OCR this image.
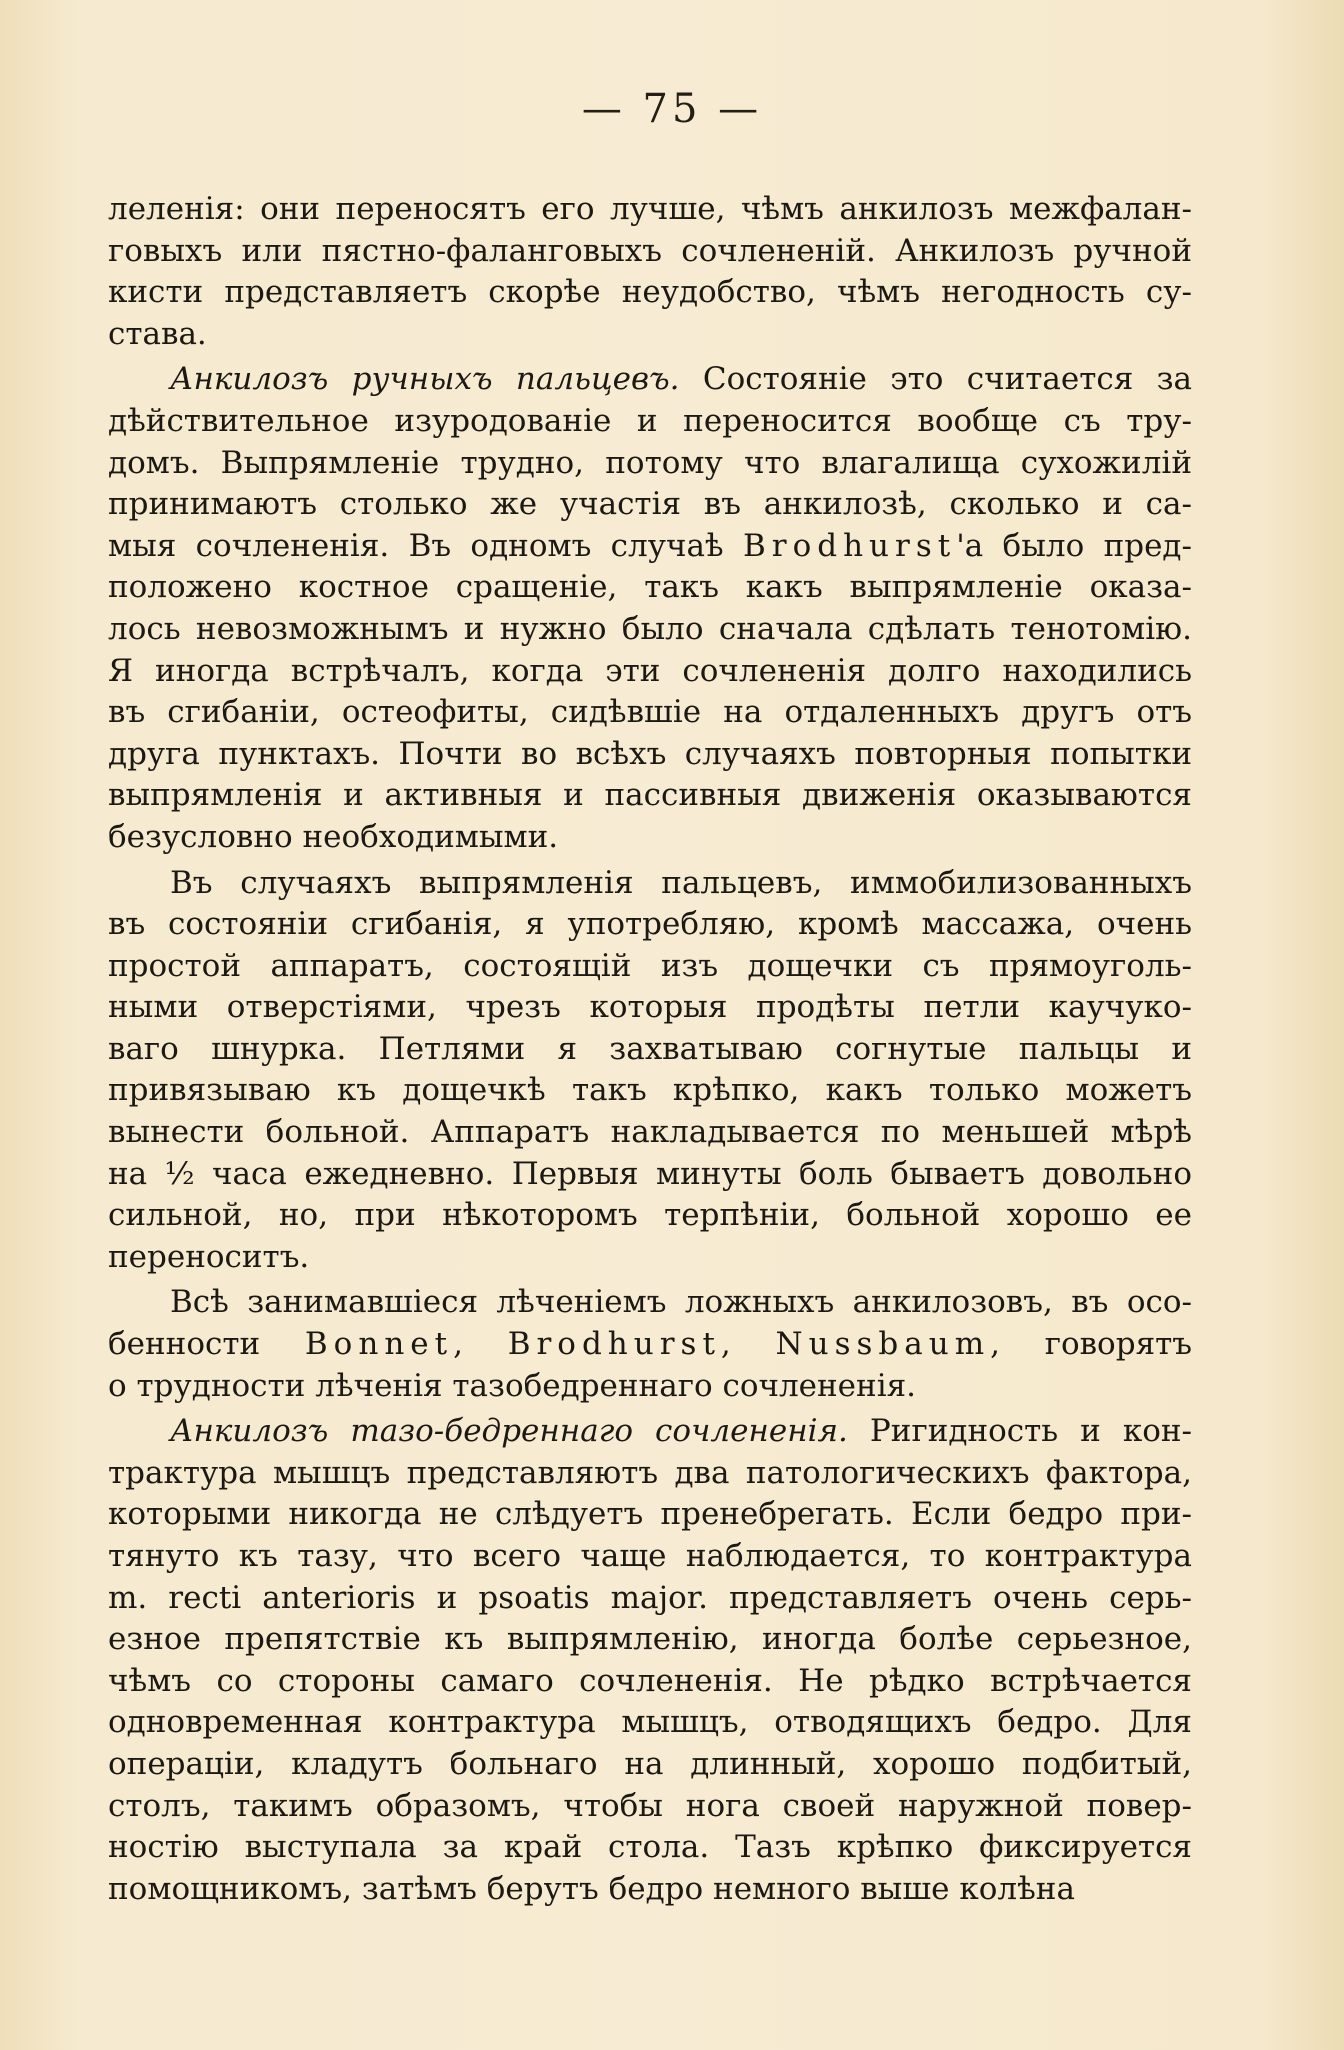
— 75 —
леленія: они переносятъ его лучше, чѣмъ анкилозъ межфалан-
говыхъ или пястно-фаланговыхъ сочлененій. Анкилозъ ручной
кисти представляетъ скорѣе неудобство, чѣмъ негодность су-
става.
Анкилозъ ручныхъ пальцевъ. Состояніе это считается за
дѣйствительное изуродованіе и переносится вообще съ тру-
домъ. Выпрямленіе трудно, потому что влагалища сухожилій
принимаютъ столько же участія въ анкилозѣ, сколько и са-
мыя сочлененія. Въ одномъ случаѣ Brodhurst'а было пред-
положено костное сращеніе, такъ какъ выпрямленіе оказа-
лось невозможнымъ и нужно было сначала сдѣлать тенотомію.
Я иногда встрѣчалъ, когда эти сочлененія долго находились
въ сгибаніи, остеофиты, сидѣвшіе на отдаленныхъ другъ отъ
друга пунктахъ. Почти во всѣхъ случаяхъ повторныя попытки
выпрямленія и активныя и пассивныя движенія оказываются
безусловно необходимыми.
Въ случаяхъ выпрямленія пальцевъ, иммобилизованныхъ
въ состояніи сгибанія, я употребляю, кромѣ массажа, очень
простой аппаратъ, состоящій изъ дощечки съ прямоуголь-
ными отверстіями, чрезъ которыя продѣты петли каучуко-
ваго шнурка. Петлями я захватываю согнутые пальцы и
привязываю къ дощечкѣ такъ крѣпко, какъ только можетъ
вынести больной. Аппаратъ накладывается по меньшей мѣрѣ
на ½ часа ежедневно. Первыя минуты боль бываетъ довольно
сильной, но, при нѣкоторомъ терпѣніи, больной хорошо ее
переноситъ.
Всѣ занимавшіеся лѣченіемъ ложныхъ анкилозовъ, въ осо-
бенности Bonnet, Brodhurst, Nussbaum, говорятъ
о трудности лѣченія тазобедреннаго сочлененія.
Анкилозъ тазо-бедреннаго сочлененія. Ригидность и кон-
трактура мышцъ представляютъ два патологическихъ фактора,
которыми никогда не слѣдуетъ пренебрегать. Если бедро при-
тянуто къ тазу, что всего чаще наблюдается, то контрактура
m. recti anterioris и psoatis major. представляетъ очень серь-
езное препятствіе къ выпрямленію, иногда болѣе серьезное,
чѣмъ со стороны самаго сочлененія. Не рѣдко встрѣчается
одновременная контрактура мышцъ, отводящихъ бедро. Для
операціи, кладутъ больнаго на длинный, хорошо подбитый,
столъ, такимъ образомъ, чтобы нога своей наружной повер-
ностію выступала за край стола. Тазъ крѣпко фиксируется
помощникомъ, затѣмъ берутъ бедро немного выше колѣна
